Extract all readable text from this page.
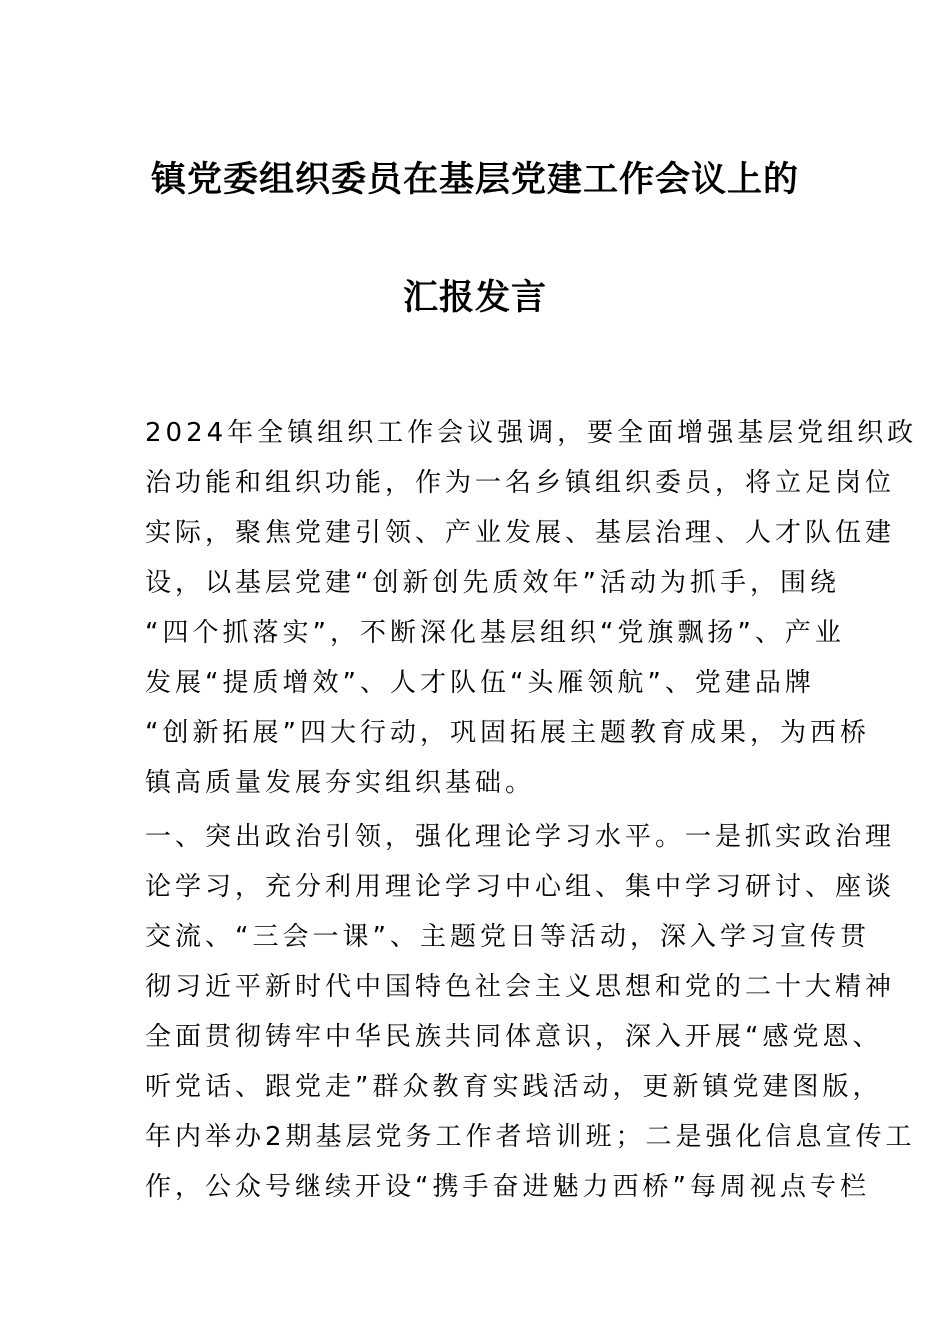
镇党委组织委员在基层党建工作会议上的
汇报发言
2024年全镇组织工作会议强调，要全面增强基层党组织政
治功能和组织功能，作为一名乡镇组织委员，将立足岗位
实际，聚焦党建引领、产业发展、基层治理、人才队伍建
设，以基层党建“创新创先质效年”活动为抓手，围绕
“四个抓落实”，不断深化基层组织“党旗飘扬”、产业
发展“提质增效”、人才队伍“头雁领航”、党建品牌
“创新拓展”四大行动，巩固拓展主题教育成果，为西桥
镇高质量发展夯实组织基础。
一、突出政治引领，强化理论学习水平。一是抓实政治理
论学习，充分利用理论学习中心组、集中学习研讨、座谈
交流、“三会一课”、主题党日等活动，深入学习宣传贯
彻习近平新时代中国特色社会主义思想和党的二十大精神
全面贯彻铸牢中华民族共同体意识，深入开展“感党恩、
听党话、跟党走”群众教育实践活动，更新镇党建图版，
年内举办2期基层党务工作者培训班；二是强化信息宣传工
作，公众号继续开设“携手奋进魅力西桥”每周视点专栏
